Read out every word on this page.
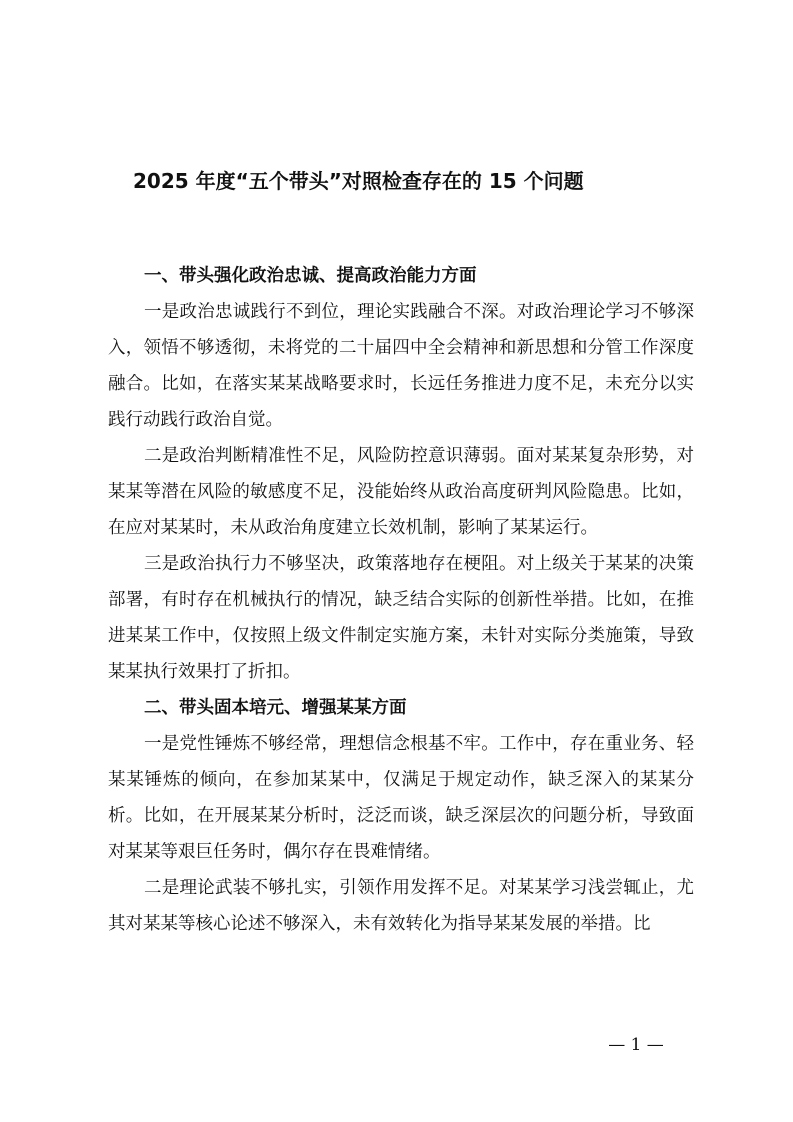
2025 年度“五个带头”对照检查存在的 15 个问题

一、带头强化政治忠诚、提高政治能力方面

一是政治忠诚践行不到位，理论实践融合不深。对政治理论学习不够深入，领悟不够透彻，未将党的二十届四中全会精神和新思想和分管工作深度融合。比如，在落实某某战略要求时，长远任务推进力度不足，未充分以实践行动践行政治自觉。

二是政治判断精准性不足，风险防控意识薄弱。面对某某复杂形势，对某某等潜在风险的敏感度不足，没能始终从政治高度研判风险隐患。比如，在应对某某时，未从政治角度建立长效机制，影响了某某运行。

三是政治执行力不够坚决，政策落地存在梗阻。对上级关于某某的决策部署，有时存在机械执行的情况，缺乏结合实际的创新性举措。比如，在推进某某工作中，仅按照上级文件制定实施方案，未针对实际分类施策，导致某某执行效果打了折扣。

二、带头固本培元、增强某某方面

一是党性锤炼不够经常，理想信念根基不牢。工作中，存在重业务、轻某某锤炼的倾向，在参加某某中，仅满足于规定动作，缺乏深入的某某分析。比如，在开展某某分析时，泛泛而谈，缺乏深层次的问题分析，导致面对某某等艰巨任务时，偶尔存在畏难情绪。

二是理论武装不够扎实，引领作用发挥不足。对某某学习浅尝辄止，尤其对某某等核心论述不够深入，未有效转化为指导某某发展的举措。比

— 1 —
